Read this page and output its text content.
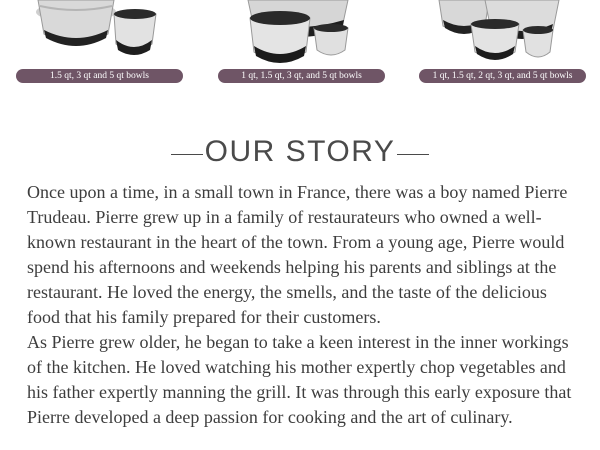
1.5 qt, 3 qt and 5 qt bowls	1 qt, 1.5 qt, 3 qt, and 5 qt bowls	1 qt, 1.5 qt, 2 qt, 3 qt, and 5 qt bowls
OUR STORY

Once upon a time, in a small town in France, there was a boy named Pierre Trudeau. Pierre grew up in a family of restaurateurs who owned a well-known restaurant in the heart of the town. From a young age, Pierre would spend his afternoons and weekends helping his parents and siblings at the restaurant. He loved the energy, the smells, and the taste of the delicious food that his family prepared for their customers.

As Pierre grew older, he began to take a keen interest in the inner workings of the kitchen. He loved watching his mother expertly chop vegetables and his father expertly manning the grill. It was through this early exposure that Pierre developed a deep passion for cooking and the art of culinary.
